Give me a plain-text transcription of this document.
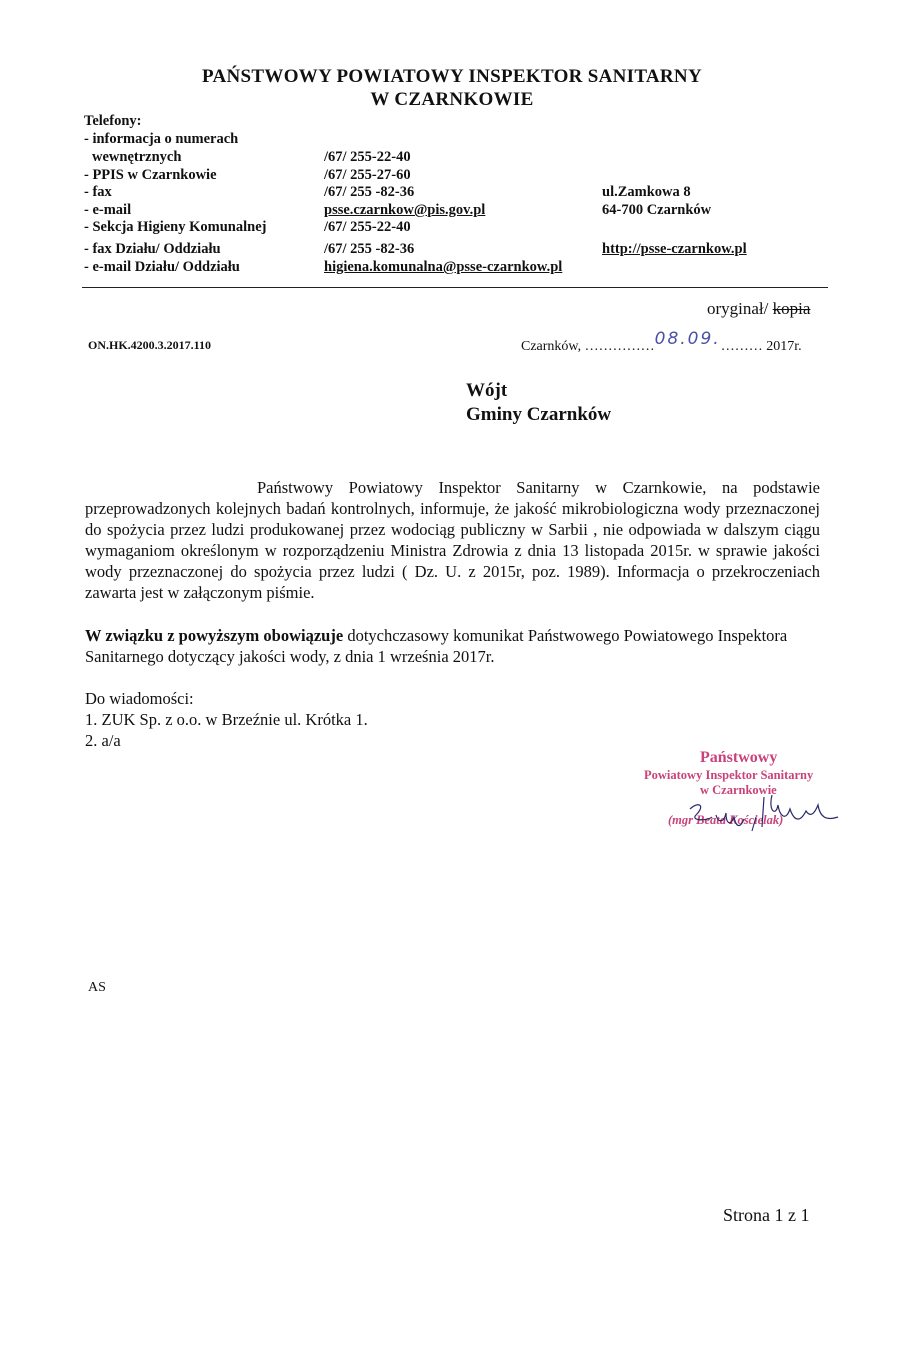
PAŃSTWOWY POWIATOWY INSPEKTOR SANITARNY
W CZARNKOWIE
Telefony:
- informacja o numerach
wewnętrznych
- PPIS w Czarnkowie
- fax
- e-mail
- Sekcja Higieny Komunalnej
- fax Działu/ Oddziału
- e-mail Działu/ Oddziału
/67/ 255-22-40
/67/ 255-27-60
/67/ 255 -82-36
psse.czarnkow@pis.gov.pl
/67/ 255-22-40
/67/ 255 -82-36
higiena.komunalna@psse-czarnkow.pl
ul.Zamkowa 8
64-700 Czarnków
http://psse-czarnkow.pl
oryginał/ kopia
ON.HK.4200.3.2017.110	Czarnków, ……………08.09.……… 2017r.
Wójt
Gminy Czarnków
Państwowy Powiatowy Inspektor Sanitarny w Czarnkowie, na podstawie przeprowadzonych kolejnych badań kontrolnych, informuje, że jakość mikrobiologiczna wody przeznaczonej do spożycia przez ludzi produkowanej przez wodociąg publiczny w Sarbii , nie odpowiada w dalszym ciągu wymaganiom określonym w rozporządzeniu Ministra Zdrowia z dnia 13 listopada 2015r. w sprawie jakości wody przeznaczonej do spożycia przez ludzi ( Dz. U. z 2015r, poz. 1989). Informacja o przekroczeniach zawarta jest w załączonym piśmie.
W związku z powyższym obowiązuje dotychczasowy komunikat Państwowego Powiatowego Inspektora Sanitarnego dotyczący jakości wody, z dnia 1 września 2017r.
Do wiadomości:
1. ZUK Sp. z o.o. w Brzeźnie ul. Krótka 1.
2. a/a
Państwowy
Powiatowy Inspektor Sanitarny
w Czarnkowie
(mgr Beata Kościelak)
AS
Strona 1 z 1
